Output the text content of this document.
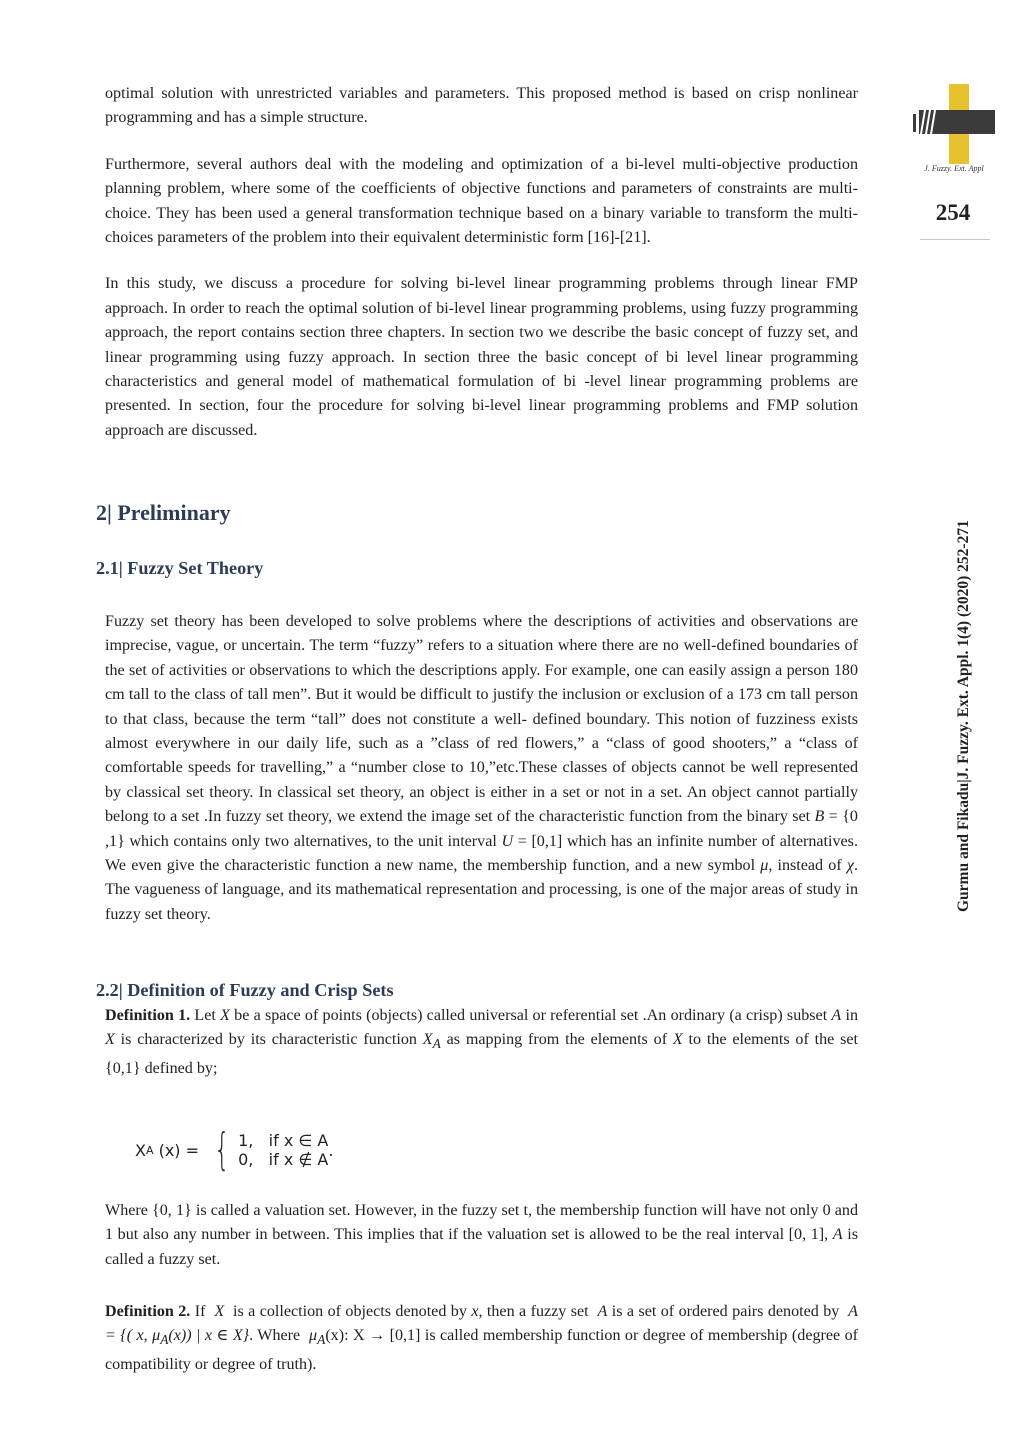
J. Fuzzy. Ext. Appl
254
Gurmu and Fikadu|J. Fuzzy. Ext. Appl. 1(4) (2020) 252-271

optimal solution with unrestricted variables and parameters. This proposed method is based on crisp nonlinear programming and has a simple structure.

Furthermore, several authors deal with the modeling and optimization of a bi-level multi-objective production planning problem, where some of the coefficients of objective functions and parameters of constraints are multi-choice. They has been used a general transformation technique based on a binary variable to transform the multi-choices parameters of the problem into their equivalent deterministic form [16]-[21].

In this study, we discuss a procedure for solving bi-level linear programming problems through linear FMP approach. In order to reach the optimal solution of bi-level linear programming problems, using fuzzy programming approach, the report contains section three chapters. In section two we describe the basic concept of fuzzy set, and linear programming using fuzzy approach. In section three the basic concept of bi level linear programming characteristics and general model of mathematical formulation of bi -level linear programming problems are presented. In section, four the procedure for solving bi-level linear programming problems and FMP solution approach are discussed.

2| Preliminary
2.1| Fuzzy Set Theory

Fuzzy set theory has been developed to solve problems where the descriptions of activities and observations are imprecise, vague, or uncertain. The term “fuzzy” refers to a situation where there are no well-defined boundaries of the set of activities or observations to which the descriptions apply. For example, one can easily assign a person 180 cm tall to the class of tall men”. But it would be difficult to justify the inclusion or exclusion of a 173 cm tall person to that class, because the term “tall” does not constitute a well- defined boundary. This notion of fuzziness exists almost everywhere in our daily life, such as a ”class of red flowers,” a “class of good shooters,” a “class of comfortable speeds for travelling,” a “number close to 10,”etc.These classes of objects cannot be well represented by classical set theory. In classical set theory, an object is either in a set or not in a set. An object cannot partially belong to a set .In fuzzy set theory, we extend the image set of the characteristic function from the binary set B = {0 ,1} which contains only two alternatives, to the unit interval U = [0,1] which has an infinite number of alternatives. We even give the characteristic function a new name, the membership function, and a new symbol μ, instead of χ. The vagueness of language, and its mathematical representation and processing, is one of the major areas of study in fuzzy set theory.

2.2| Definition of Fuzzy and Crisp Sets

Definition 1. Let X be a space of points (objects) called universal or referential set .An ordinary (a crisp) subset A in X is characterized by its characteristic function $X_A$ as mapping from the elements of X to the elements of the set {0,1} defined by;

X A (x) = { 1,   if x ∈ A
0,   if x ∉ A .

Where {0, 1} is called a valuation set. However, in the fuzzy set t, the membership function will have not only 0 and 1 but also any number in between. This implies that if the valuation set is allowed to be the real interval [0, 1], A is called a fuzzy set.

Definition 2. If  X  is a collection of objects denoted by x, then a fuzzy set  A is a set of ordered pairs denoted by  A = {( x, $\mu_A(x)$) | x ∈ X}. Where  $\mu_A(x)$: X → [0,1] is called membership function or degree of membership (degree of compatibility or degree of truth).
